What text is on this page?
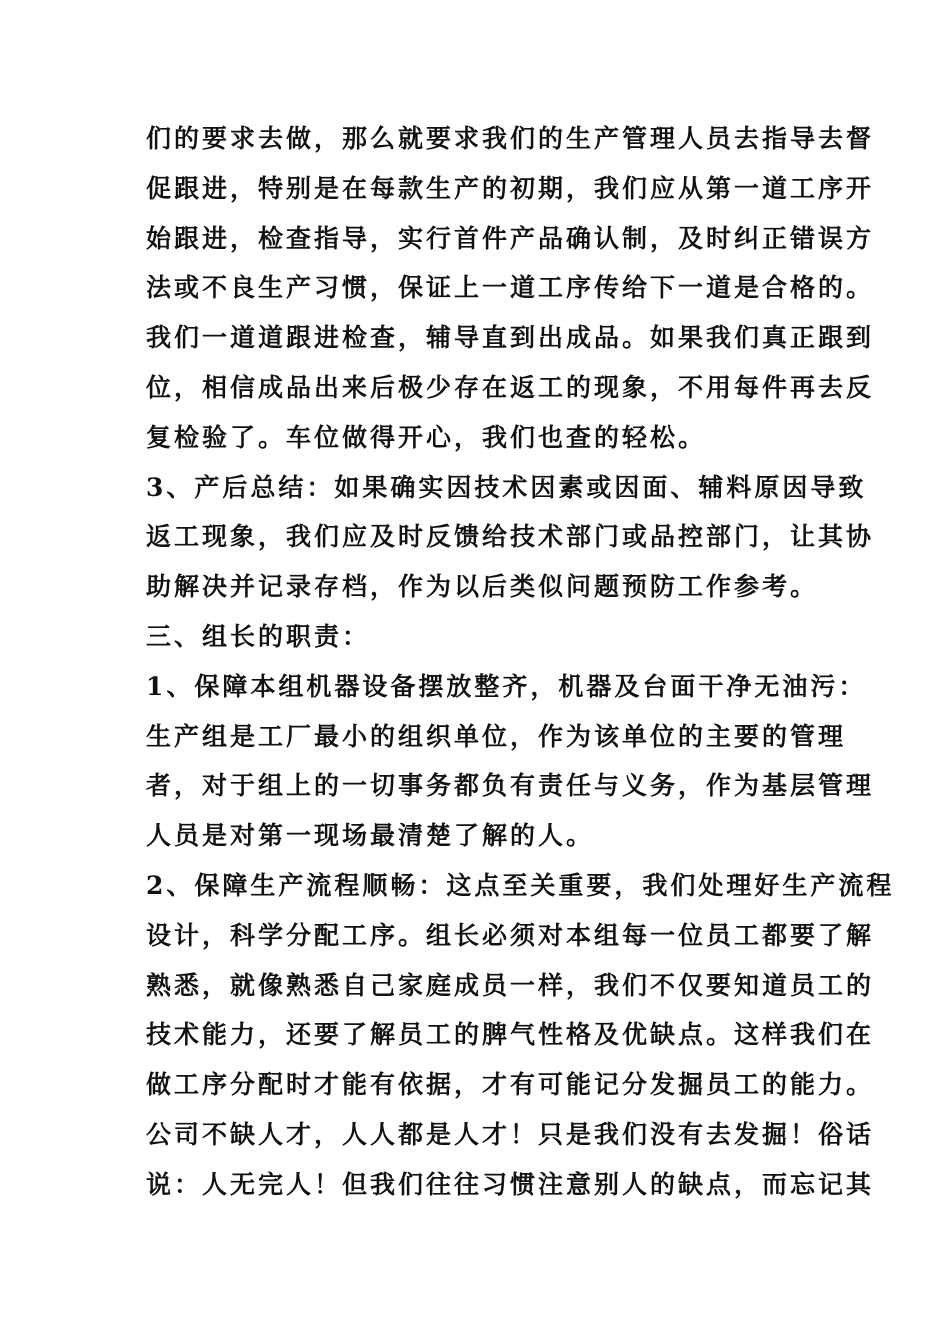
们的要求去做，那么就要求我们的生产管理人员去指导去督
促跟进，特别是在每款生产的初期，我们应从第一道工序开
始跟进，检查指导，实行首件产品确认制，及时纠正错误方
法或不良生产习惯，保证上一道工序传给下一道是合格的。
我们一道道跟进检查，辅导直到出成品。如果我们真正跟到
位，相信成品出来后极少存在返工的现象，不用每件再去反
复检验了。车位做得开心，我们也查的轻松。
3、产后总结：如果确实因技术因素或因面、辅料原因导致
返工现象，我们应及时反馈给技术部门或品控部门，让其协
助解决并记录存档，作为以后类似问题预防工作参考。
三、组长的职责：
1、保障本组机器设备摆放整齐，机器及台面干净无油污：
生产组是工厂最小的组织单位，作为该单位的主要的管理
者，对于组上的一切事务都负有责任与义务，作为基层管理
人员是对第一现场最清楚了解的人。
2、保障生产流程顺畅：这点至关重要，我们处理好生产流程
设计，科学分配工序。组长必须对本组每一位员工都要了解
熟悉，就像熟悉自己家庭成员一样，我们不仅要知道员工的
技术能力，还要了解员工的脾气性格及优缺点。这样我们在
做工序分配时才能有依据，才有可能记分发掘员工的能力。
公司不缺人才，人人都是人才！只是我们没有去发掘！俗话
说：人无完人！但我们往往习惯注意别人的缺点，而忘记其
